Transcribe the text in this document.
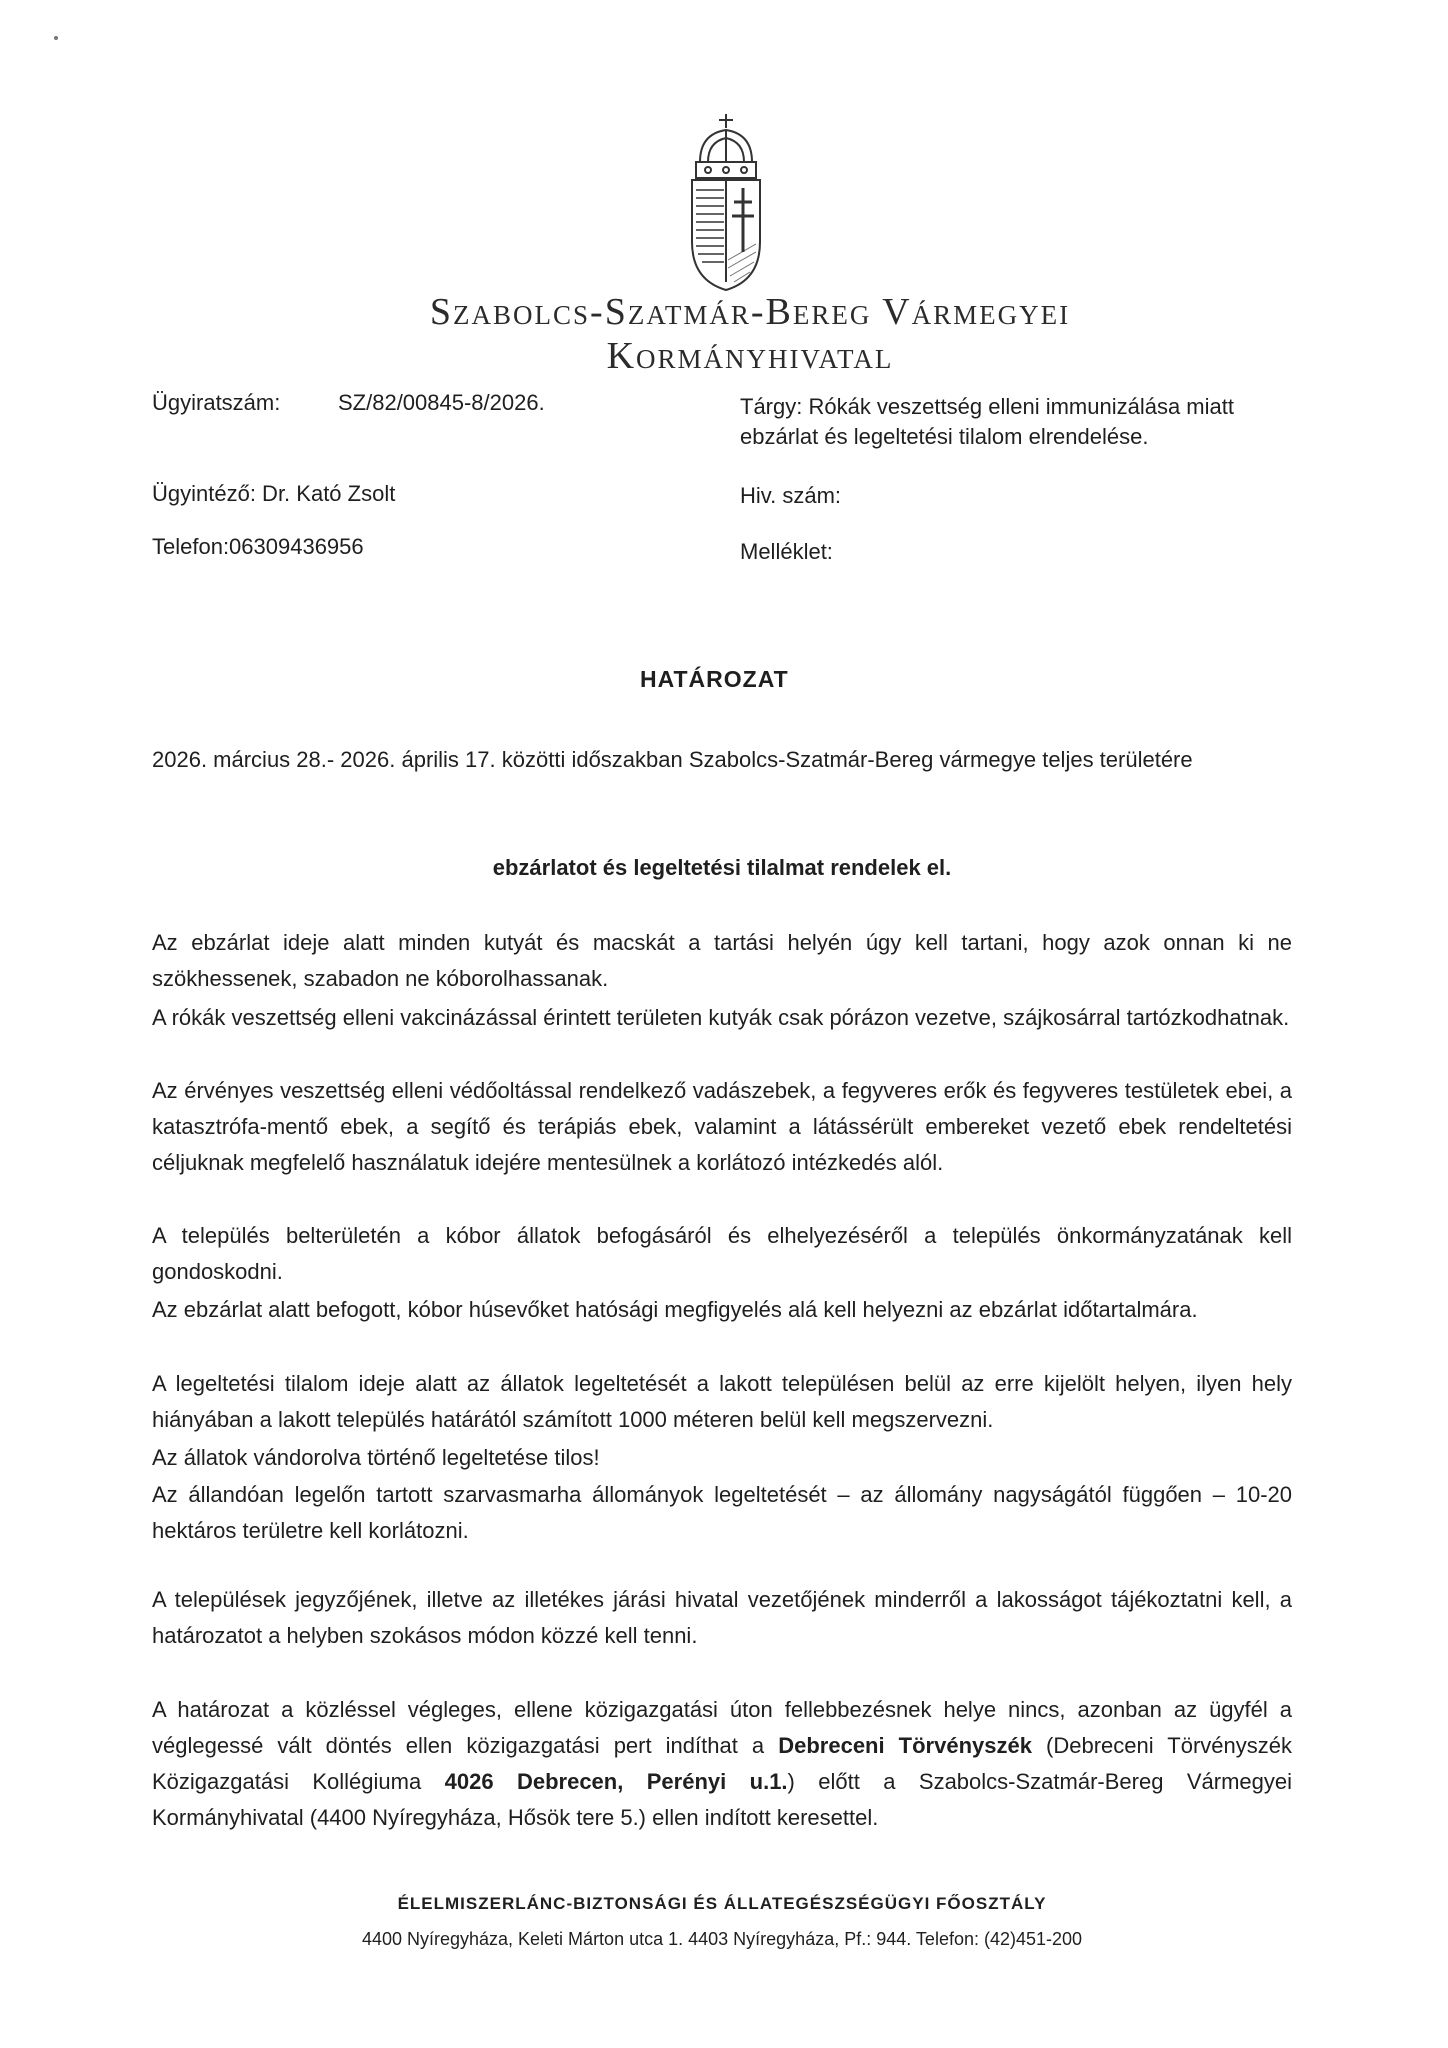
Szabolcs-Szatmár-Bereg Vármegyei
Kormányhivatal
Ügyiratszám:	SZ/82/00845-8/2026.
Ügyintéző: Dr. Kató Zsolt
Telefon:06309436956
Tárgy: Rókák veszettség elleni immunizálása miatt
ebzárlat és legeltetési tilalom elrendelése.
Hiv. szám:
Melléklet:
HATÁROZAT
2026. március 28.- 2026. április 17. közötti időszakban Szabolcs-Szatmár-Bereg vármegye teljes területére
ebzárlatot és legeltetési tilalmat rendelek el.
Az ebzárlat ideje alatt minden kutyát és macskát a tartási helyén úgy kell tartani, hogy azok onnan ki ne szökhessenek, szabadon ne kóborolhassanak.
A rókák veszettség elleni vakcinázással érintett területen kutyák csak pórázon vezetve, szájkosárral tartózkodhatnak.
Az érvényes veszettség elleni védőoltással rendelkező vadászebek, a fegyveres erők és fegyveres testületek ebei, a katasztrófa-mentő ebek, a segítő és terápiás ebek, valamint a látássérült embereket vezető ebek rendeltetési céljuknak megfelelő használatuk idejére mentesülnek a korlátozó intézkedés alól.
A település belterületén a kóbor állatok befogásáról és elhelyezéséről a település önkormányzatának kell gondoskodni.
Az ebzárlat alatt befogott, kóbor húsevőket hatósági megfigyelés alá kell helyezni az ebzárlat időtartalmára.
A legeltetési tilalom ideje alatt az állatok legeltetését a lakott településen belül az erre kijelölt helyen, ilyen hely hiányában a lakott település határától számított 1000 méteren belül kell megszervezni.
Az állatok vándorolva történő legeltetése tilos!
Az állandóan legelőn tartott szarvasmarha állományok legeltetését – az állomány nagyságától függően – 10-20 hektáros területre kell korlátozni.
A települések jegyzőjének, illetve az illetékes járási hivatal vezetőjének minderről a lakosságot tájékoztatni kell, a határozatot a helyben szokásos módon közzé kell tenni.
A határozat a közléssel végleges, ellene közigazgatási úton fellebbezésnek helye nincs, azonban az ügyfél a véglegessé vált döntés ellen közigazgatási pert indíthat a Debreceni Törvényszék (Debreceni Törvényszék Közigazgatási Kollégiuma 4026 Debrecen, Perényi u.1.) előtt a Szabolcs-Szatmár-Bereg Vármegyei Kormányhivatal (4400 Nyíregyháza, Hősök tere 5.) ellen indított keresettel.
ÉLELMISZERLÁNC-BIZTONSÁGI ÉS ÁLLATEGÉSZSÉGÜGYI FŐOSZTÁLY
4400 Nyíregyháza, Keleti Márton utca 1. 4403 Nyíregyháza, Pf.: 944. Telefon: (42)451-200
